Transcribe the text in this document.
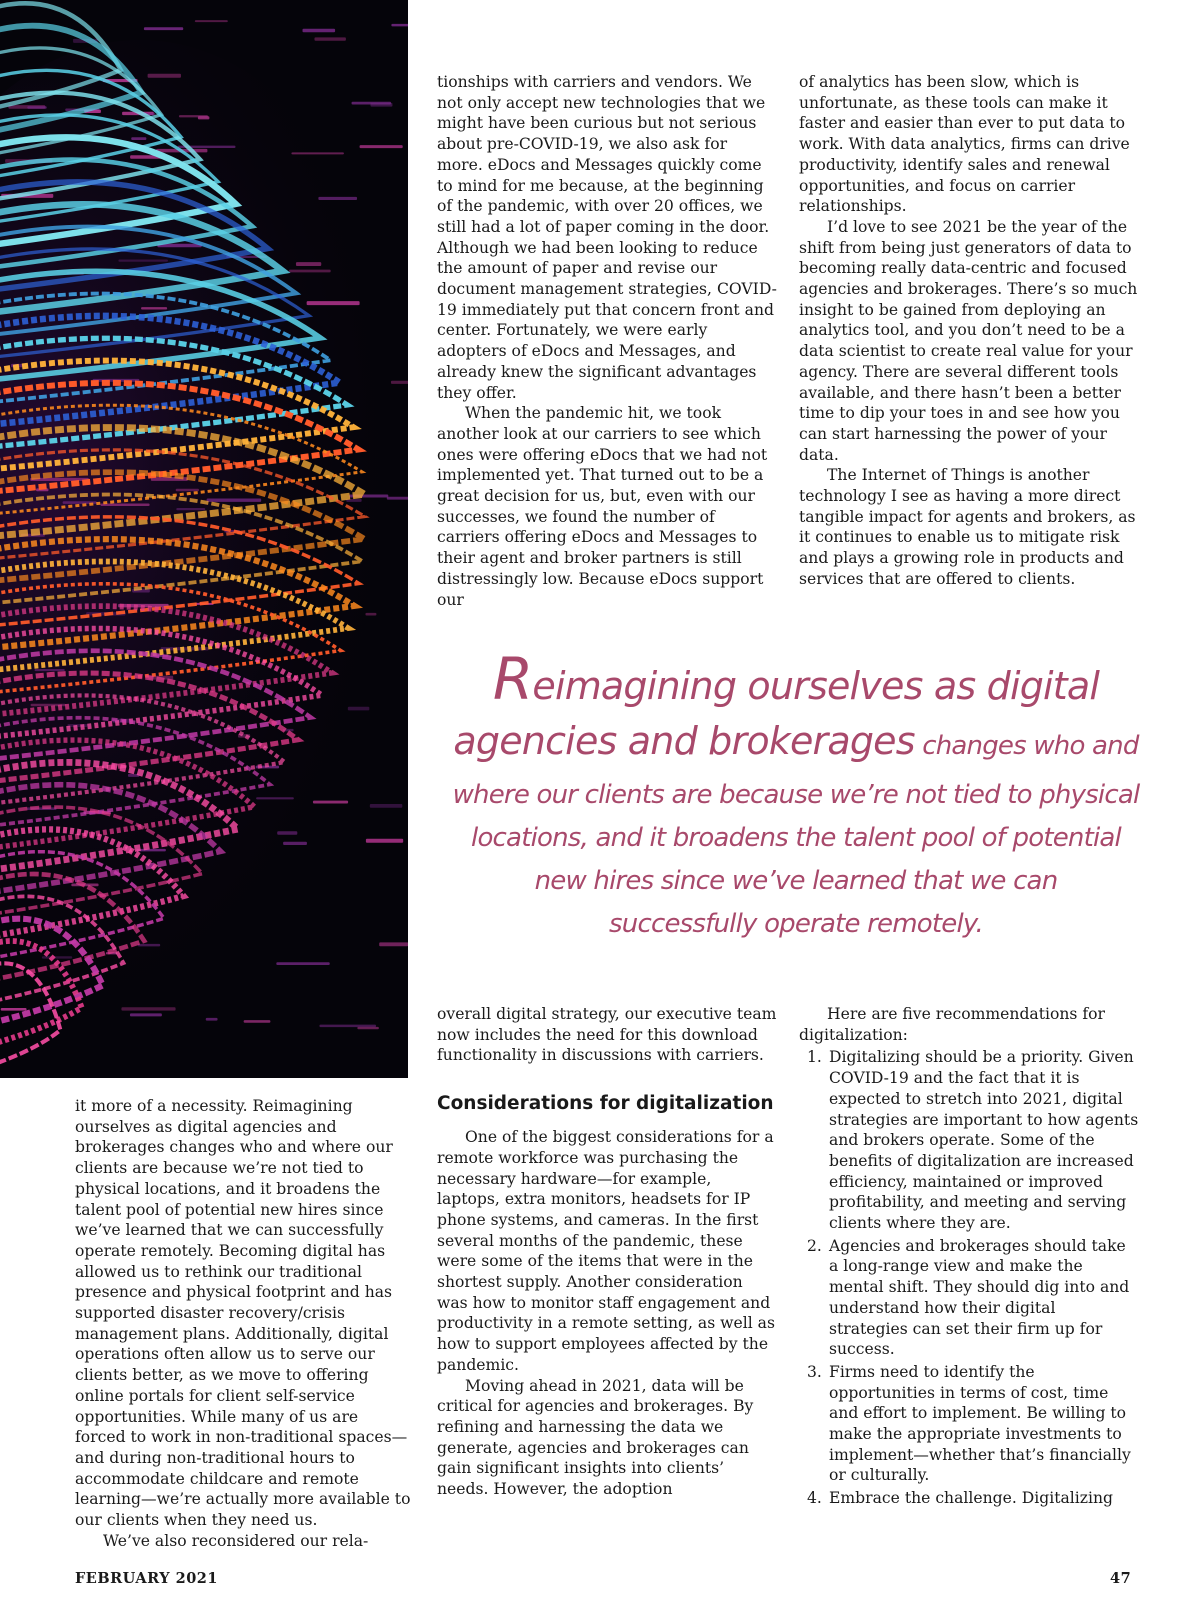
tionships with carriers and vendors. We not only accept new technologies that we might have been curious but not serious about pre-COVID-19, we also ask for more. eDocs and Messages quickly come to mind for me because, at the beginning of the pandemic, with over 20 offices, we still had a lot of paper coming in the door. Although we had been looking to reduce the amount of paper and revise our document management strategies, COVID-19 immediately put that concern front and center. Fortunately, we were early adopters of eDocs and Messages, and already knew the significant advantages they offer.

When the pandemic hit, we took another look at our carriers to see which ones were offering eDocs that we had not implemented yet. That turned out to be a great decision for us, but, even with our successes, we found the number of carriers offering eDocs and Messages to their agent and broker partners is still distressingly low. Because eDocs support our

of analytics has been slow, which is unfortunate, as these tools can make it faster and easier than ever to put data to work. With data analytics, firms can drive productivity, identify sales and renewal opportunities, and focus on carrier relationships.

I’d love to see 2021 be the year of the shift from being just generators of data to becoming really data-centric and focused agencies and brokerages. There’s so much insight to be gained from deploying an analytics tool, and you don’t need to be a data scientist to create real value for your agency. There are several different tools available, and there hasn’t been a better time to dip your toes in and see how you can start harnessing the power of your data.

The Internet of Things is another technology I see as having a more direct tangible impact for agents and brokers, as it continues to enable us to mitigate risk and plays a growing role in products and services that are offered to clients.

Reimagining ourselves as digital
agencies and brokerages changes who and
where our clients are because we’re not tied to physical
locations, and it broadens the talent pool of potential
new hires since we’ve learned that we can
successfully operate remotely.

it more of a necessity. Reimagining ourselves as digital agencies and brokerages changes who and where our clients are because we’re not tied to physical locations, and it broadens the talent pool of potential new hires since we’ve learned that we can successfully operate remotely. Becoming digital has allowed us to rethink our traditional presence and physical footprint and has supported disaster recovery/crisis management plans. Additionally, digital operations often allow us to serve our clients better, as we move to offering online portals for client self-service opportunities. While many of us are forced to work in non-traditional spaces—and during non-traditional hours to accommodate childcare and remote learning—we’re actually more available to our clients when they need us.

We’ve also reconsidered our rela-

overall digital strategy, our executive team now includes the need for this download functionality in discussions with carriers.

Considerations for digitalization

One of the biggest considerations for a remote workforce was purchasing the necessary hardware—for example, laptops, extra monitors, headsets for IP phone systems, and cameras. In the first several months of the pandemic, these were some of the items that were in the shortest supply. Another consideration was how to monitor staff engagement and productivity in a remote setting, as well as how to support employees affected by the pandemic.

Moving ahead in 2021, data will be critical for agencies and brokerages. By refining and harnessing the data we generate, agencies and brokerages can gain significant insights into clients’ needs. However, the adoption

Here are five recommendations for digitalization:

1. Digitalizing should be a priority. Given COVID-19 and the fact that it is expected to stretch into 2021, digital strategies are important to how agents and brokers operate. Some of the benefits of digitalization are increased efficiency, maintained or improved profitability, and meeting and serving clients where they are.
2. Agencies and brokerages should take a long-range view and make the mental shift. They should dig into and understand how their digital strategies can set their firm up for success.
3. Firms need to identify the opportunities in terms of cost, time and effort to implement. Be willing to make the appropriate investments to implement—whether that’s financially or culturally.
4. Embrace the challenge. Digitalizing
FEBRUARY 2021	47
